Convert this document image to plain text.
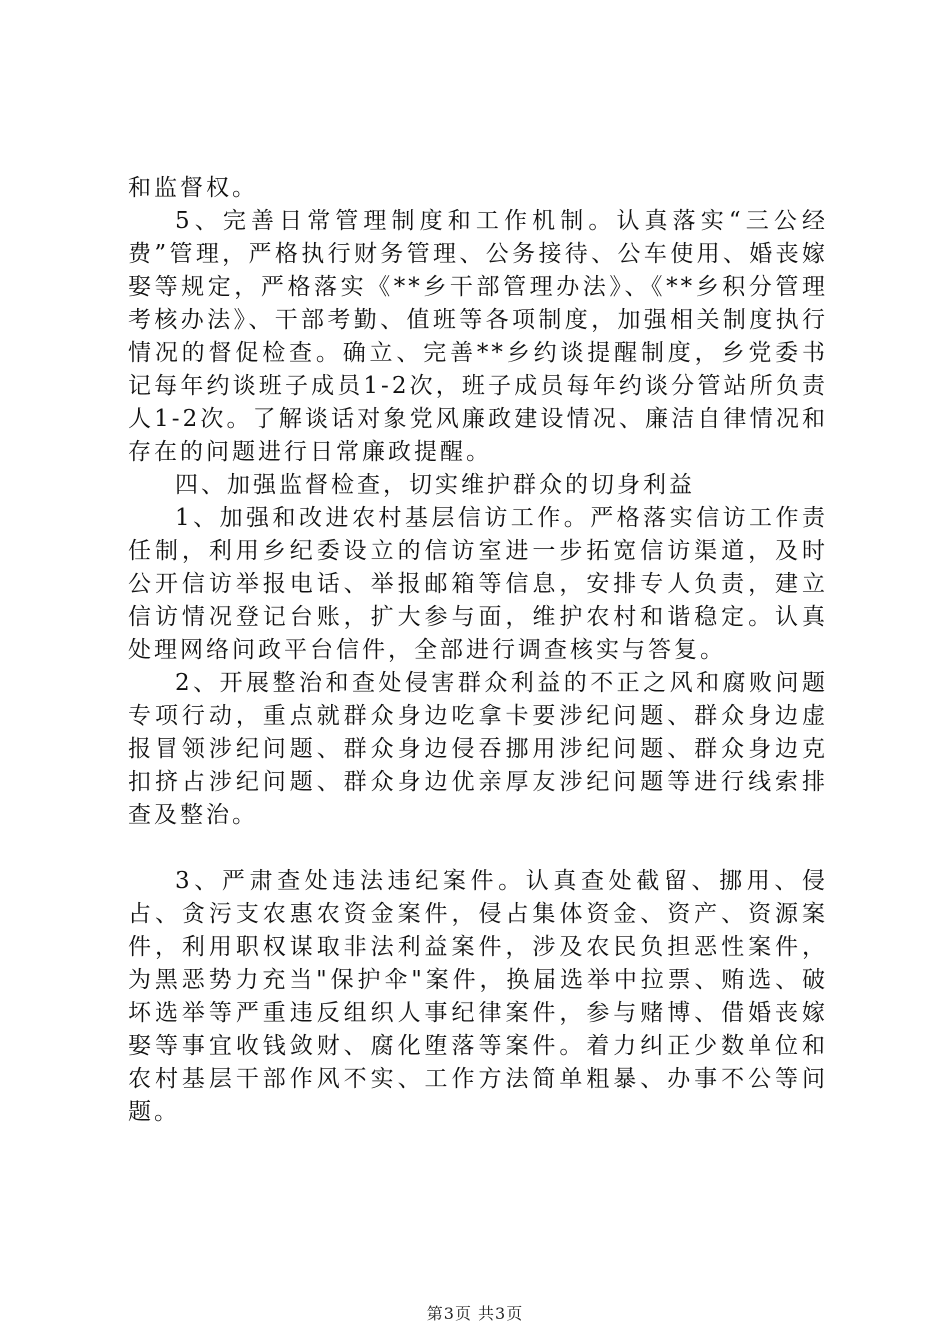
和监督权。

5、完善日常管理制度和工作机制。认真落实“三公经费”管理，严格执行财务管理、公务接待、公车使用、婚丧嫁娶等规定，严格落实《**乡干部管理办法》、《**乡积分管理考核办法》、干部考勤、值班等各项制度，加强相关制度执行情况的督促检查。确立、完善**乡约谈提醒制度，乡党委书记每年约谈班子成员1-2次，班子成员每年约谈分管站所负责人1-2次。了解谈话对象党风廉政建设情况、廉洁自律情况和存在的问题进行日常廉政提醒。

四、加强监督检查，切实维护群众的切身利益

1、加强和改进农村基层信访工作。严格落实信访工作责任制，利用乡纪委设立的信访室进一步拓宽信访渠道，及时公开信访举报电话、举报邮箱等信息，安排专人负责，建立信访情况登记台账，扩大参与面，维护农村和谐稳定。认真处理网络问政平台信件，全部进行调查核实与答复。

2、开展整治和查处侵害群众利益的不正之风和腐败问题专项行动，重点就群众身边吃拿卡要涉纪问题、群众身边虚报冒领涉纪问题、群众身边侵吞挪用涉纪问题、群众身边克扣挤占涉纪问题、群众身边优亲厚友涉纪问题等进行线索排查及整治。

3、严肃查处违法违纪案件。认真查处截留、挪用、侵占、贪污支农惠农资金案件，侵占集体资金、资产、资源案件，利用职权谋取非法利益案件，涉及农民负担恶性案件，为黑恶势力充当"保护伞"案件，换届选举中拉票、贿选、破坏选举等严重违反组织人事纪律案件，参与赌博、借婚丧嫁娶等事宜收钱敛财、腐化堕落等案件。着力纠正少数单位和农村基层干部作风不实、工作方法简单粗暴、办事不公等问题。

第3页 共3页
